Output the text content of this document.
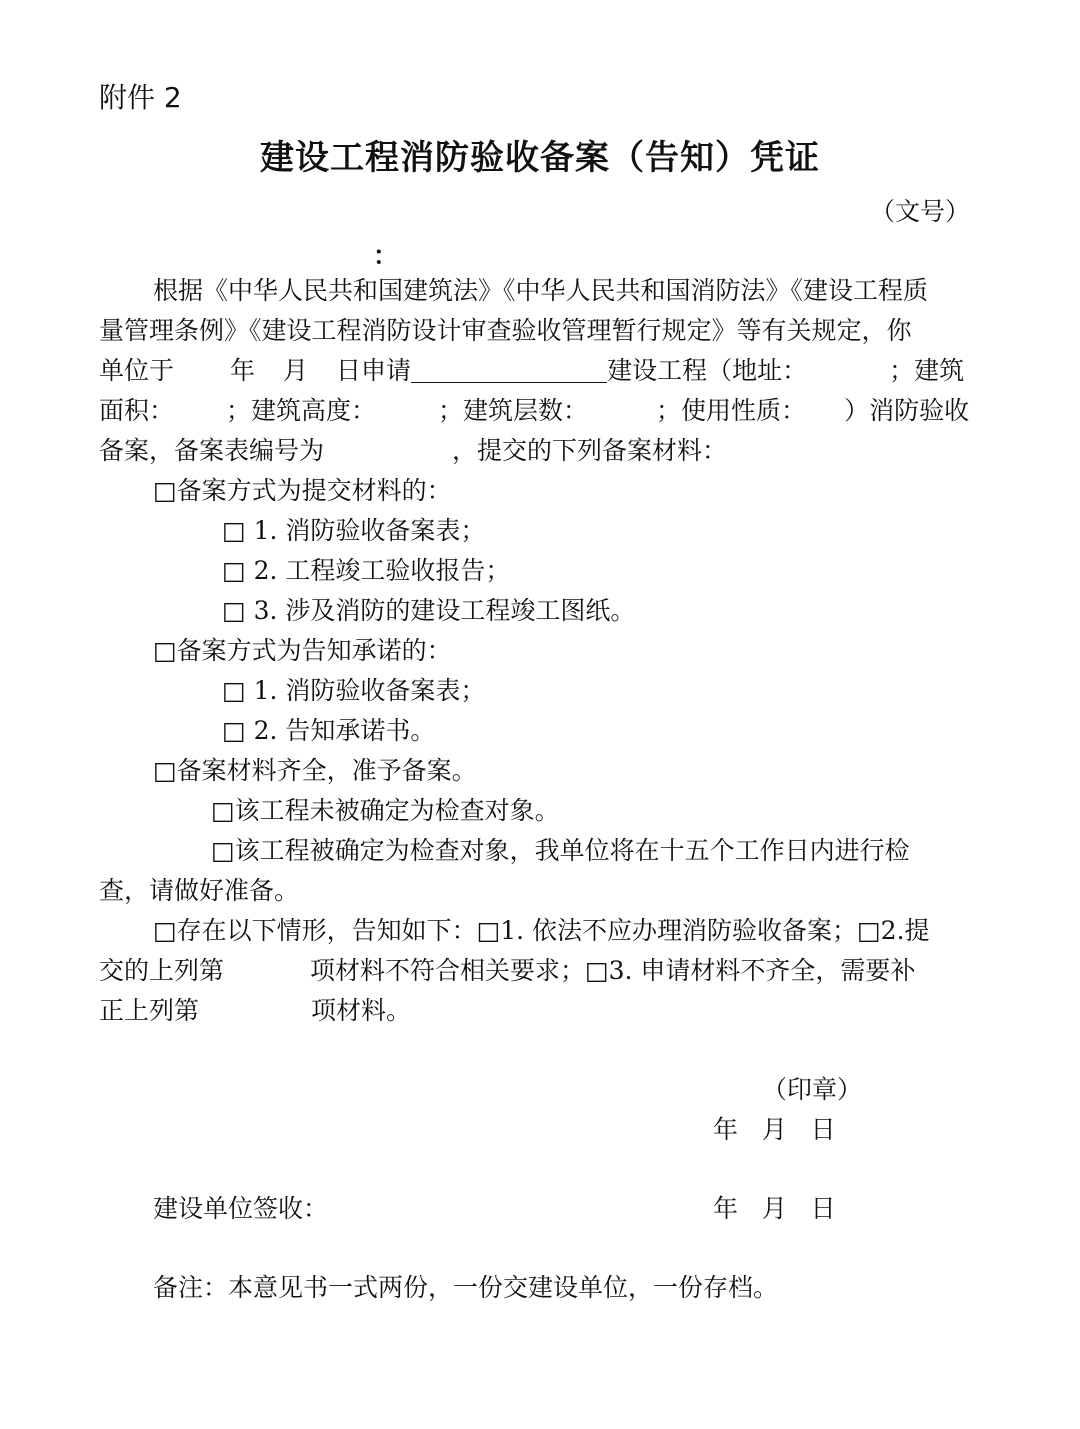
附件 2
建设工程消防验收备案（告知）凭证
（文号）
：
根据《中华人民共和国建筑法》《中华人民共和国消防法》《建设工程质
量管理条例》《建设工程消防设计审查验收管理暂行规定》等有关规定，你
单位于 年 月 日申请	建设工程（地址：	；建筑
面积： ；建筑高度： ；建筑层数：	；使用性质： ）消防验收
备案，备案表编号为	，提交的下列备案材料：
□备案方式为提交材料的：
□ 1. 消防验收备案表；
□ 2. 工程竣工验收报告；
□ 3. 涉及消防的建设工程竣工图纸。
□备案方式为告知承诺的：
□ 1. 消防验收备案表；
□ 2. 告知承诺书。
□备案材料齐全，准予备案。
□该工程未被确定为检查对象。
□该工程被确定为检查对象，我单位将在十五个工作日内进行检
查，请做好准备。
□存在以下情形，告知如下：□1. 依法不应办理消防验收备案；□2.提
交的上列第	项材料不符合相关要求；□3. 申请材料不齐全，需要补
正上列第	项材料。
（印章）
年   月   日
建设单位签收：	年   月   日
备注：本意见书一式两份，一份交建设单位，一份存档。
